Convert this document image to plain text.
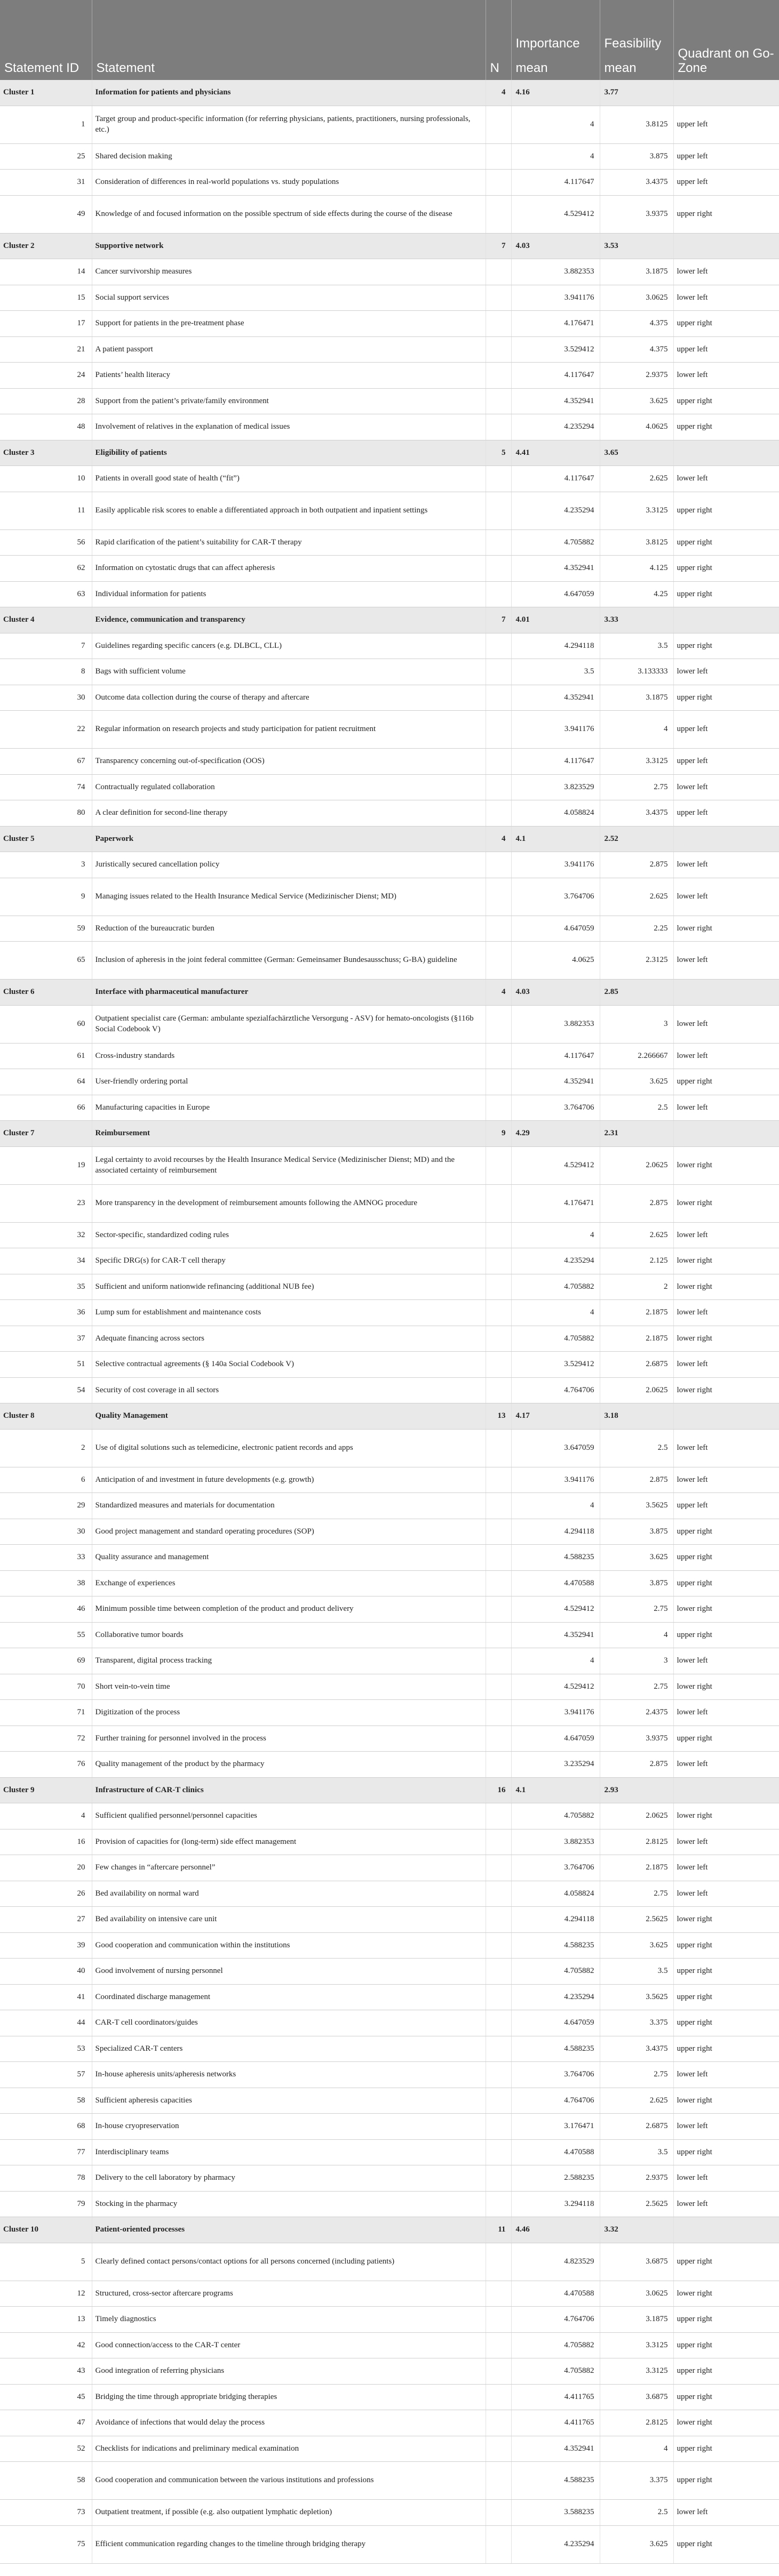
Statement ID	Statement	N	Importance	Feasibility	Quadrant on Go-Zone
			mean	mean	
Cluster 1	Information for patients and physicians	4	4.16	3.77	
1	Target group and product-specific information (for referring physicians, patients, practitioners, nursing professionals, etc.)		4	3.8125	upper left
25	Shared decision making		4	3.875	upper left
31	Consideration of differences in real-world populations vs. study populations		4.117647	3.4375	upper left
49	Knowledge of and focused information on the possible spectrum of side effects during the course of the disease		4.529412	3.9375	upper right
Cluster 2	Supportive network	7	4.03	3.53	
14	Cancer survivorship measures		3.882353	3.1875	lower left
15	Social support services		3.941176	3.0625	lower left
17	Support for patients in the pre-treatment phase		4.176471	4.375	upper right
21	A patient passport		3.529412	4.375	upper left
24	Patients’ health literacy		4.117647	2.9375	lower left
28	Support from the patient’s private/family environment		4.352941	3.625	upper right
48	Involvement of relatives in the explanation of medical issues		4.235294	4.0625	upper right
Cluster 3	Eligibility of patients	5	4.41	3.65	
10	Patients in overall good state of health (“fit”)		4.117647	2.625	lower left
11	Easily applicable risk scores to enable a differentiated approach in both outpatient and inpatient settings		4.235294	3.3125	upper right
56	Rapid clarification of the patient’s suitability for CAR-T therapy		4.705882	3.8125	upper right
62	Information on cytostatic drugs that can affect apheresis		4.352941	4.125	upper right
63	Individual information for patients		4.647059	4.25	upper right
Cluster 4	Evidence, communication and transparency	7	4.01	3.33	
7	Guidelines regarding specific cancers (e.g. DLBCL, CLL)		4.294118	3.5	upper right
8	Bags with sufficient volume		3.5	3.133333	lower left
30	Outcome data collection during the course of therapy and aftercare		4.352941	3.1875	upper right
22	Regular information on research projects and study participation for patient recruitment		3.941176	4	upper left
67	Transparency concerning out-of-specification (OOS)		4.117647	3.3125	upper left
74	Contractually regulated collaboration		3.823529	2.75	lower left
80	A clear definition for second-line therapy		4.058824	3.4375	upper left
Cluster 5	Paperwork	4	4.1	2.52	
3	Juristically secured cancellation policy		3.941176	2.875	lower left
9	Managing issues related to the Health Insurance Medical Service (Medizinischer Dienst; MD)		3.764706	2.625	lower left
59	Reduction of the bureaucratic burden		4.647059	2.25	lower right
65	Inclusion of apheresis in the joint federal committee (German: Gemeinsamer Bundesausschuss; G-BA) guideline		4.0625	2.3125	lower left
Cluster 6	Interface with pharmaceutical manufacturer	4	4.03	2.85	
60	Outpatient specialist care (German: ambulante spezialfachärztliche Versorgung - ASV) for hemato-oncologists (§116b Social Codebook V)		3.882353	3	lower left
61	Cross-industry standards		4.117647	2.266667	lower left
64	User-friendly ordering portal		4.352941	3.625	upper right
66	Manufacturing capacities in Europe		3.764706	2.5	lower left
Cluster 7	Reimbursement	9	4.29	2.31	
19	Legal certainty to avoid recourses by the Health Insurance Medical Service (Medizinischer Dienst; MD) and the associated certainty of reimbursement		4.529412	2.0625	lower right
23	More transparency in the development of reimbursement amounts following the AMNOG procedure		4.176471	2.875	lower right
32	Sector-specific, standardized coding rules		4	2.625	lower left
34	Specific DRG(s) for CAR-T cell therapy		4.235294	2.125	lower right
35	Sufficient and uniform nationwide refinancing (additional NUB fee)		4.705882	2	lower right
36	Lump sum for establishment and maintenance costs		4	2.1875	lower left
37	Adequate financing across sectors		4.705882	2.1875	lower right
51	Selective contractual agreements (§ 140a Social Codebook V)		3.529412	2.6875	lower left
54	Security of cost coverage in all sectors		4.764706	2.0625	lower right
Cluster 8	Quality Management	13	4.17	3.18	
2	Use of digital solutions such as telemedicine, electronic patient records and apps		3.647059	2.5	lower left
6	Anticipation of and investment in future developments (e.g. growth)		3.941176	2.875	lower left
29	Standardized measures and materials for documentation		4	3.5625	upper left
30	Good project management and standard operating procedures (SOP)		4.294118	3.875	upper right
33	Quality assurance and management		4.588235	3.625	upper right
38	Exchange of experiences		4.470588	3.875	upper right
46	Minimum possible time between completion of the product and product delivery		4.529412	2.75	lower right
55	Collaborative tumor boards		4.352941	4	upper right
69	Transparent, digital process tracking		4	3	lower left
70	Short vein-to-vein time		4.529412	2.75	lower right
71	Digitization of the process		3.941176	2.4375	lower left
72	Further training for personnel involved in the process		4.647059	3.9375	upper right
76	Quality management of the product by the pharmacy		3.235294	2.875	lower left
Cluster 9	Infrastructure of CAR-T clinics	16	4.1	2.93	
4	Sufficient qualified personnel/personnel capacities		4.705882	2.0625	lower right
16	Provision of capacities for (long-term) side effect management		3.882353	2.8125	lower left
20	Few changes in “aftercare personnel”		3.764706	2.1875	lower left
26	Bed availability on normal ward		4.058824	2.75	lower left
27	Bed availability on intensive care unit		4.294118	2.5625	lower right
39	Good cooperation and communication within the institutions		4.588235	3.625	upper right
40	Good involvement of nursing personnel		4.705882	3.5	upper right
41	Coordinated discharge management		4.235294	3.5625	upper right
44	CAR-T cell coordinators/guides		4.647059	3.375	upper right
53	Specialized CAR-T centers		4.588235	3.4375	upper right
57	In-house apheresis units/apheresis networks		3.764706	2.75	lower left
58	Sufficient apheresis capacities		4.764706	2.625	lower right
68	In-house cryopreservation		3.176471	2.6875	lower left
77	Interdisciplinary teams		4.470588	3.5	upper right
78	Delivery to the cell laboratory by pharmacy		2.588235	2.9375	lower left
79	Stocking in the pharmacy		3.294118	2.5625	lower left
Cluster 10	Patient-oriented processes	11	4.46	3.32	
5	Clearly defined contact persons/contact options for all persons concerned (including patients)		4.823529	3.6875	upper right
12	Structured, cross-sector aftercare programs		4.470588	3.0625	lower right
13	Timely diagnostics		4.764706	3.1875	upper right
42	Good connection/access to the CAR-T center		4.705882	3.3125	upper right
43	Good integration of referring physicians		4.705882	3.3125	upper right
45	Bridging the time through appropriate bridging therapies		4.411765	3.6875	upper right
47	Avoidance of infections that would delay the process		4.411765	2.8125	lower right
52	Checklists for indications and preliminary medical examination		4.352941	4	upper right
58	Good cooperation and communication between the various institutions and professions		4.588235	3.375	upper right
73	Outpatient treatment, if possible (e.g. also outpatient lymphatic depletion)		3.588235	2.5	lower left
75	Efficient communication regarding changes to the timeline through bridging therapy		4.235294	3.625	upper right
